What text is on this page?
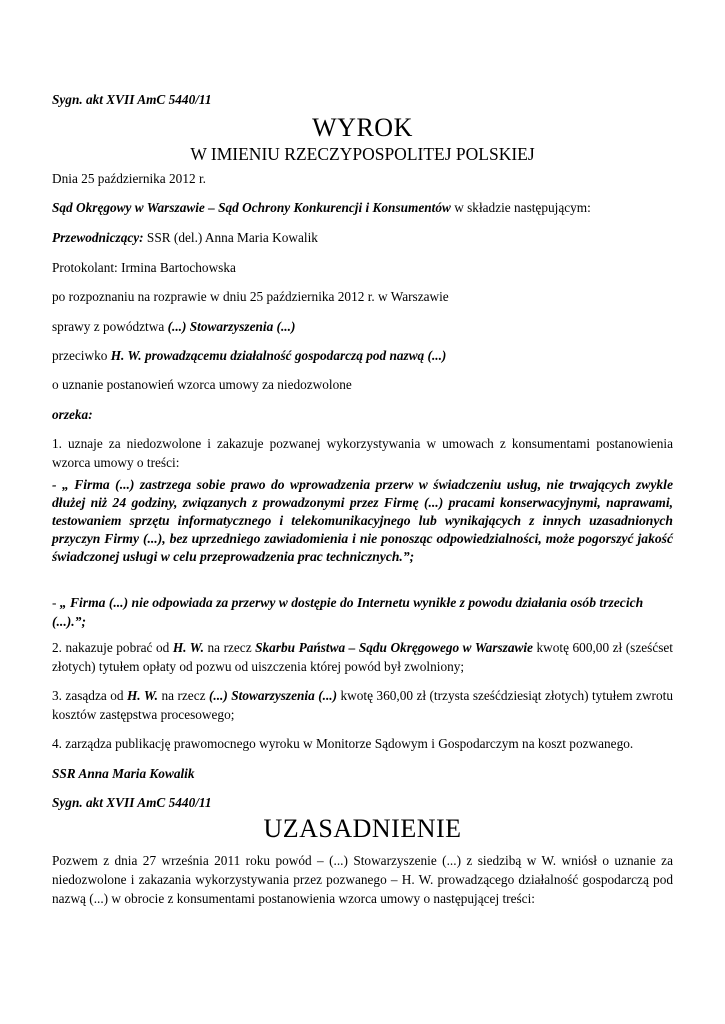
Sygn. akt XVII AmC 5440/11

WYROK

W IMIENIU RZECZYPOSPOLITEJ POLSKIEJ

Dnia 25 października 2012 r.

Sąd Okręgowy w Warszawie – Sąd Ochrony Konkurencji i Konsumentów w składzie następującym:

Przewodniczący: SSR (del.) Anna Maria Kowalik

Protokolant: Irmina Bartochowska

po rozpoznaniu na rozprawie w dniu 25 października 2012 r. w Warszawie

sprawy z powództwa (...) Stowarzyszenia (...)

przeciwko H. W. prowadzącemu działalność gospodarczą pod nazwą (...)

o uznanie postanowień wzorca umowy za niedozwolone

orzeka:

1. uznaje za niedozwolone i zakazuje pozwanej wykorzystywania w umowach z konsumentami postanowienia wzorca umowy o treści:

- „ Firma (...) zastrzega sobie prawo do wprowadzenia przerw w świadczeniu usług, nie trwających zwykle dłużej niż 24 godziny, związanych z prowadzonymi przez Firmę (...) pracami konserwacyjnymi, naprawami, testowaniem sprzętu informatycznego i telekomunikacyjnego lub wynikających z innych uzasadnionych przyczyn Firmy (...), bez uprzedniego zawiadomienia i nie ponosząc odpowiedzialności, może pogorszyć jakość świadczonej usługi w celu przeprowadzenia prac technicznych.”;

- „ Firma (...) nie odpowiada za przerwy w dostępie do Internetu wynikłe z powodu działania osób trzecich (...).”;

2. nakazuje pobrać od H. W. na rzecz Skarbu Państwa – Sądu Okręgowego w Warszawie kwotę 600,00 zł (sześćset złotych) tytułem opłaty od pozwu od uiszczenia której powód był zwolniony;

3. zasądza od H. W. na rzecz (...) Stowarzyszenia (...) kwotę 360,00 zł (trzysta sześćdziesiąt złotych) tytułem zwrotu kosztów zastępstwa procesowego;

4. zarządza publikację prawomocnego wyroku w Monitorze Sądowym i Gospodarczym na koszt pozwanego.

SSR Anna Maria Kowalik

Sygn. akt XVII AmC 5440/11

UZASADNIENIE

Pozwem z dnia 27 września 2011 roku powód – (...) Stowarzyszenie (...) z siedzibą w W. wniósł o uznanie za niedozwolone i zakazania wykorzystywania przez pozwanego – H. W. prowadzącego działalność gospodarczą pod nazwą (...) w obrocie z konsumentami postanowienia wzorca umowy o następującej treści:
